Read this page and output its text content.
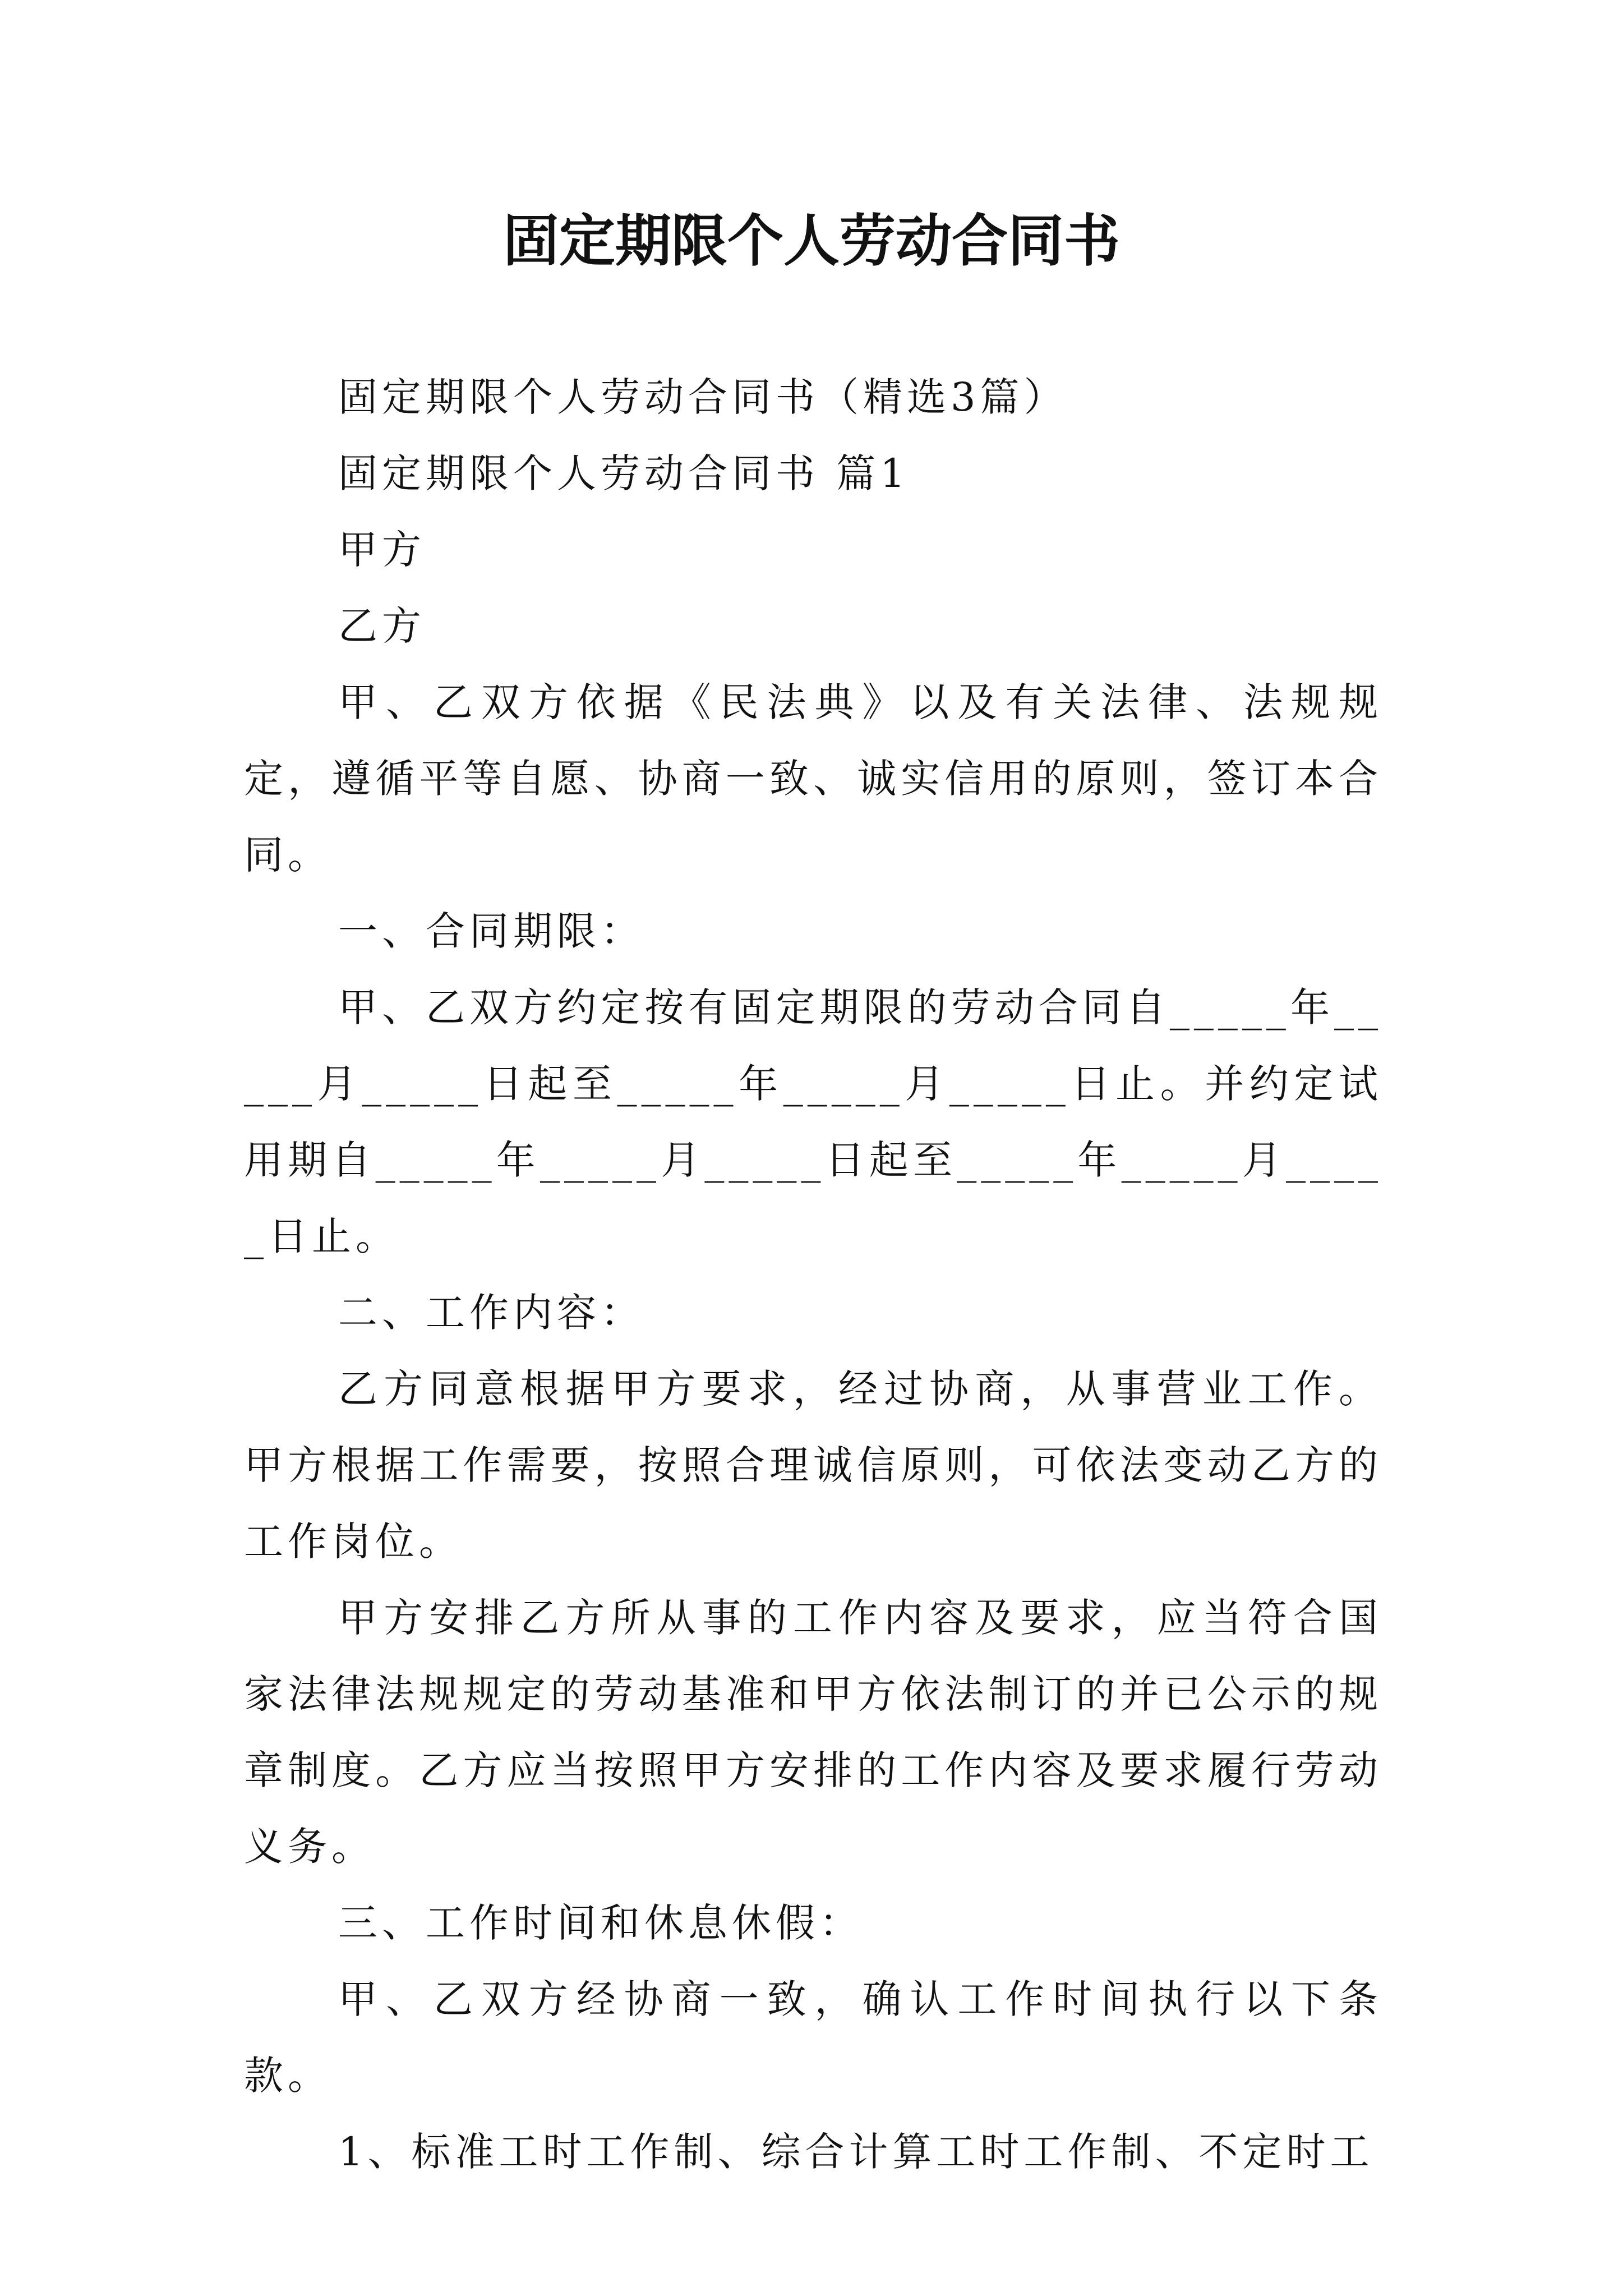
固定期限个人劳动合同书

固定期限个人劳动合同书（精选3篇）

固定期限个人劳动合同书 篇1

甲方

乙方

甲、乙双方依据《民法典》以及有关法律、法规规定，遵循平等自愿、协商一致、诚实信用的原则，签订本合同。

一、合同期限：

甲、乙双方约定按有固定期限的劳动合同自_____年_____月_____日起至_____年_____月_____日止。并约定试用期自_____年_____月_____日起至_____年_____月_____日止。

二、工作内容：

乙方同意根据甲方要求，经过协商，从事营业工作。甲方根据工作需要，按照合理诚信原则，可依法变动乙方的工作岗位。

甲方安排乙方所从事的工作内容及要求，应当符合国家法律法规规定的劳动基准和甲方依法制订的并已公示的规章制度。乙方应当按照甲方安排的工作内容及要求履行劳动义务。

三、工作时间和休息休假：

甲、乙双方经协商一致，确认工作时间执行以下条款。

1、标准工时工作制、综合计算工时工作制、不定时工
